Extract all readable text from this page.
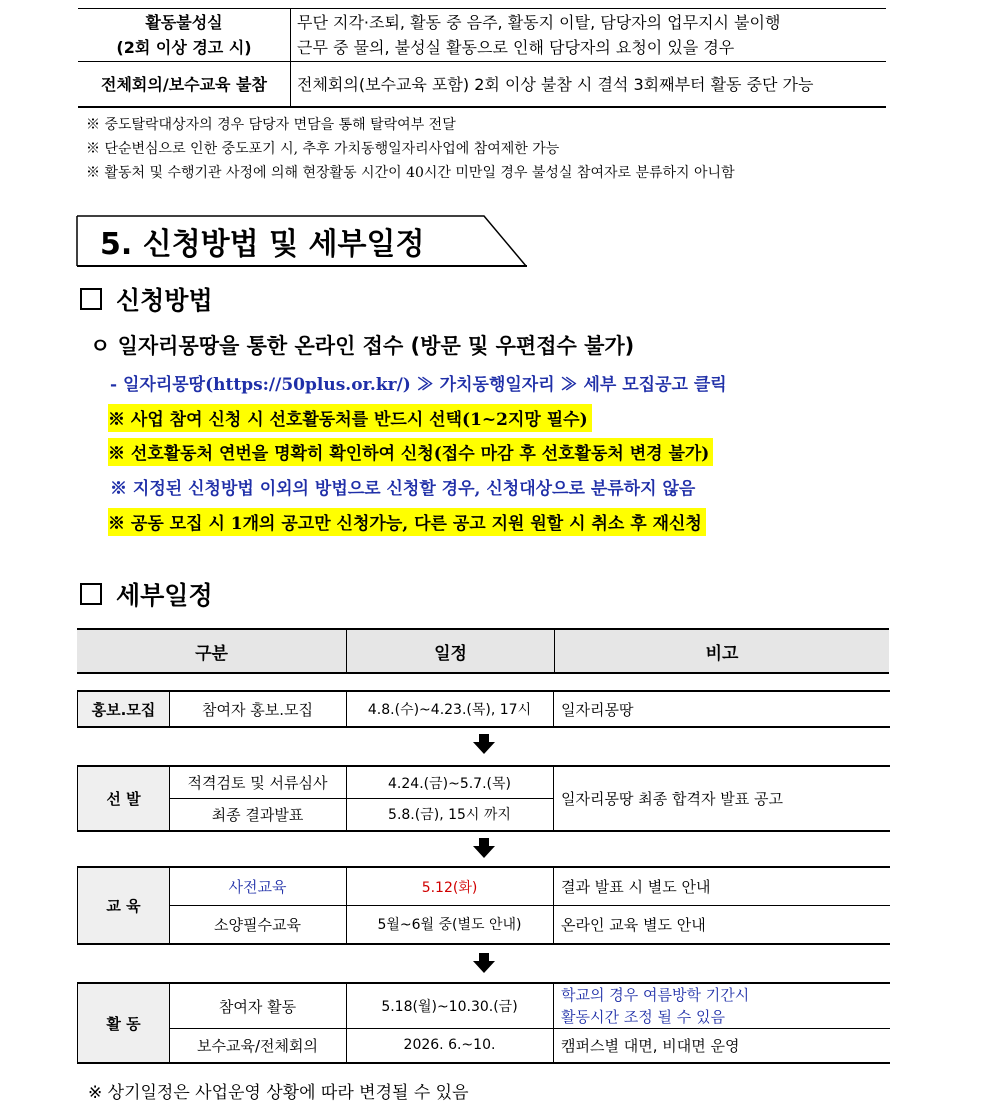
활동불성실
(2회 이상 경고 시)	무단 지각·조퇴, 활동 중 음주, 활동지 이탈, 담당자의 업무지시 불이행
근무 중 물의, 불성실 활동으로 인해 담당자의 요청이 있을 경우
전체회의/보수교육 불참	전체회의(보수교육 포함) 2회 이상 불참 시 결석 3회째부터 활동 중단 가능
※ 중도탈락대상자의 경우 담당자 면담을 통해 탈락여부 전달
※ 단순변심으로 인한 중도포기 시, 추후 가치동행일자리사업에 참여제한 가능
※ 활동처 및 수행기관 사정에 의해 현장활동 시간이 40시간 미만일 경우 불성실 참여자로 분류하지 아니함
5. 신청방법 및 세부일정
신청방법
ㅇ 일자리몽땅을 통한 온라인 접수 (방문 및 우편접수 불가)
- 일자리몽땅(https://50plus.or.kr/) ≫ 가치동행일자리 ≫ 세부 모집공고 클릭
※ 사업 참여 신청 시 선호활동처를 반드시 선택(1~2지망 필수)
※ 선호활동처 연번을 명확히 확인하여 신청(접수 마감 후 선호활동처 변경 불가)
※ 지정된 신청방법 이외의 방법으로 신청할 경우, 신청대상으로 분류하지 않음
※ 공동 모집 시 1개의 공고만 신청가능, 다른 공고 지원 원할 시 취소 후 재신청
세부일정
구분	일정	비고
홍보.모집	참여자 홍보.모집	4.8.(수)~4.23.(목), 17시	일자리몽땅
선 발
적격검토 및 서류심사	4.24.(금)~5.7.(목)
최종 결과발표	5.8.(금), 15시 까지
일자리몽땅 최종 합격자 발표 공고
교 육
사전교육	5.12(화)	결과 발표 시 별도 안내
소양필수교육	5월~6월 중(별도 안내)	온라인 교육 별도 안내
활 동
참여자 활동	5.18(월)~10.30.(금)
학교의 경우 여름방학 기간시
활동시간 조정 될 수 있음
보수교육/전체회의	2026. 6.~10.	캠퍼스별 대면, 비대면 운영
※ 상기일정은 사업운영 상황에 따라 변경될 수 있음
